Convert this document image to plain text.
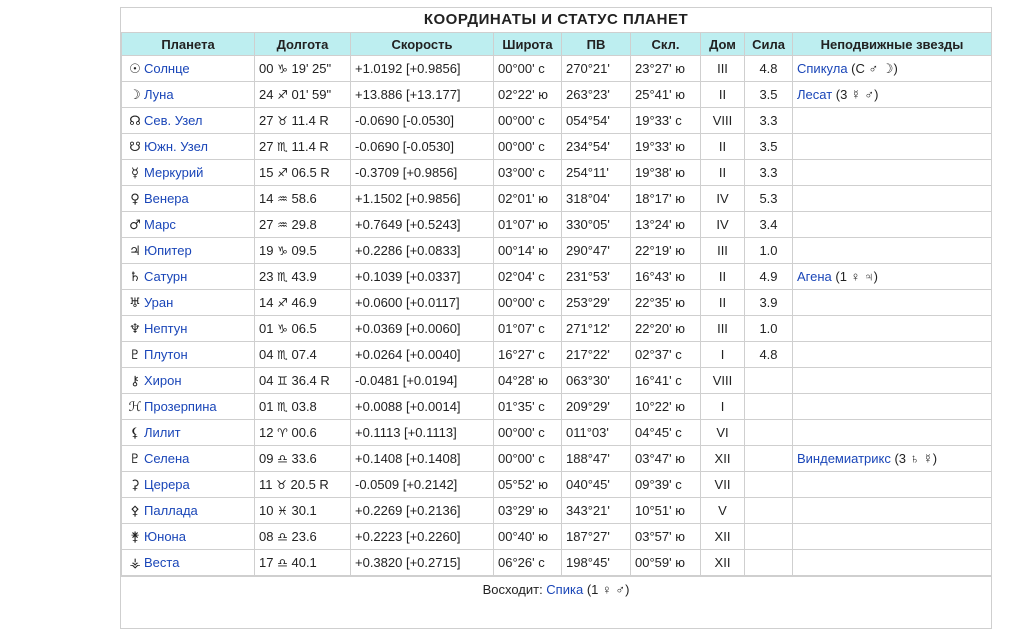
КООРДИНАТЫ И СТАТУС ПЛАНЕТ
Планета	Долгота	Скорость	Широта	ПВ	Скл.	Дом	Сила	Неподвижные звезды
☉ Солнце	00 ♑ 19' 25"	+1.0192 [+0.9856]	00°00' с	270°21'	23°27' ю	III	4.8	Спикула (С ♂ ☽)
☽ Луна	24 ♐ 01' 59"	+13.886 [+13.177]	02°22' ю	263°23'	25°41' ю	II	3.5	Лесат (3 ☿ ♂)
☊ Сев. Узел	27 ♉ 11.4 R	-0.0690 [-0.0530]	00°00' с	054°54'	19°33' с	VIII	3.3	
☋ Южн. Узел	27 ♏ 11.4 R	-0.0690 [-0.0530]	00°00' с	234°54'	19°33' ю	II	3.5	
☿ Меркурий	15 ♐ 06.5 R	-0.3709 [+0.9856]	03°00' с	254°11'	19°38' ю	II	3.3	
♀ Венера	14 ♒ 58.6	+1.1502 [+0.9856]	02°01' ю	318°04'	18°17' ю	IV	5.3	
♂ Марс	27 ♒ 29.8	+0.7649 [+0.5243]	01°07' ю	330°05'	13°24' ю	IV	3.4	
♃ Юпитер	19 ♑ 09.5	+0.2286 [+0.0833]	00°14' ю	290°47'	22°19' ю	III	1.0	
♄ Сатурн	23 ♏ 43.9	+0.1039 [+0.0337]	02°04' с	231°53'	16°43' ю	II	4.9	Агена (1 ♀ ♃)
♅ Уран	14 ♐ 46.9	+0.0600 [+0.0117]	00°00' с	253°29'	22°35' ю	II	3.9	
♆ Нептун	01 ♑ 06.5	+0.0369 [+0.0060]	01°07' с	271°12'	22°20' ю	III	1.0	
♇ Плутон	04 ♏ 07.4	+0.0264 [+0.0040]	16°27' с	217°22'	02°37' с	I	4.8	
⚷ Хирон	04 ♊ 36.4 R	-0.0481 [+0.0194]	04°28' ю	063°30'	16°41' с	VIII		
ℋ Прозерпина	01 ♏ 03.8	+0.0088 [+0.0014]	01°35' с	209°29'	10°22' ю	I		
⚸ Лилит	12 ♈ 00.6	+0.1113 [+0.1113]	00°00' с	011°03'	04°45' с	VI		
♇ Селена	09 ♎ 33.6	+0.1408 [+0.1408]	00°00' с	188°47'	03°47' ю	XII		Виндемиатрикс (3 ♄ ☿)
⚳ Церера	11 ♉ 20.5 R	-0.0509 [+0.2142]	05°52' ю	040°45'	09°39' с	VII		
⚴ Паллада	10 ♓ 30.1	+0.2269 [+0.2136]	03°29' ю	343°21'	10°51' ю	V		
⚵ Юнона	08 ♎ 23.6	+0.2223 [+0.2260]	00°40' ю	187°27'	03°57' ю	XII		
⚶ Веста	17 ♎ 40.1	+0.3820 [+0.2715]	06°26' с	198°45'	00°59' ю	XII		
Восходит: Спика (1 ♀ ♂)
